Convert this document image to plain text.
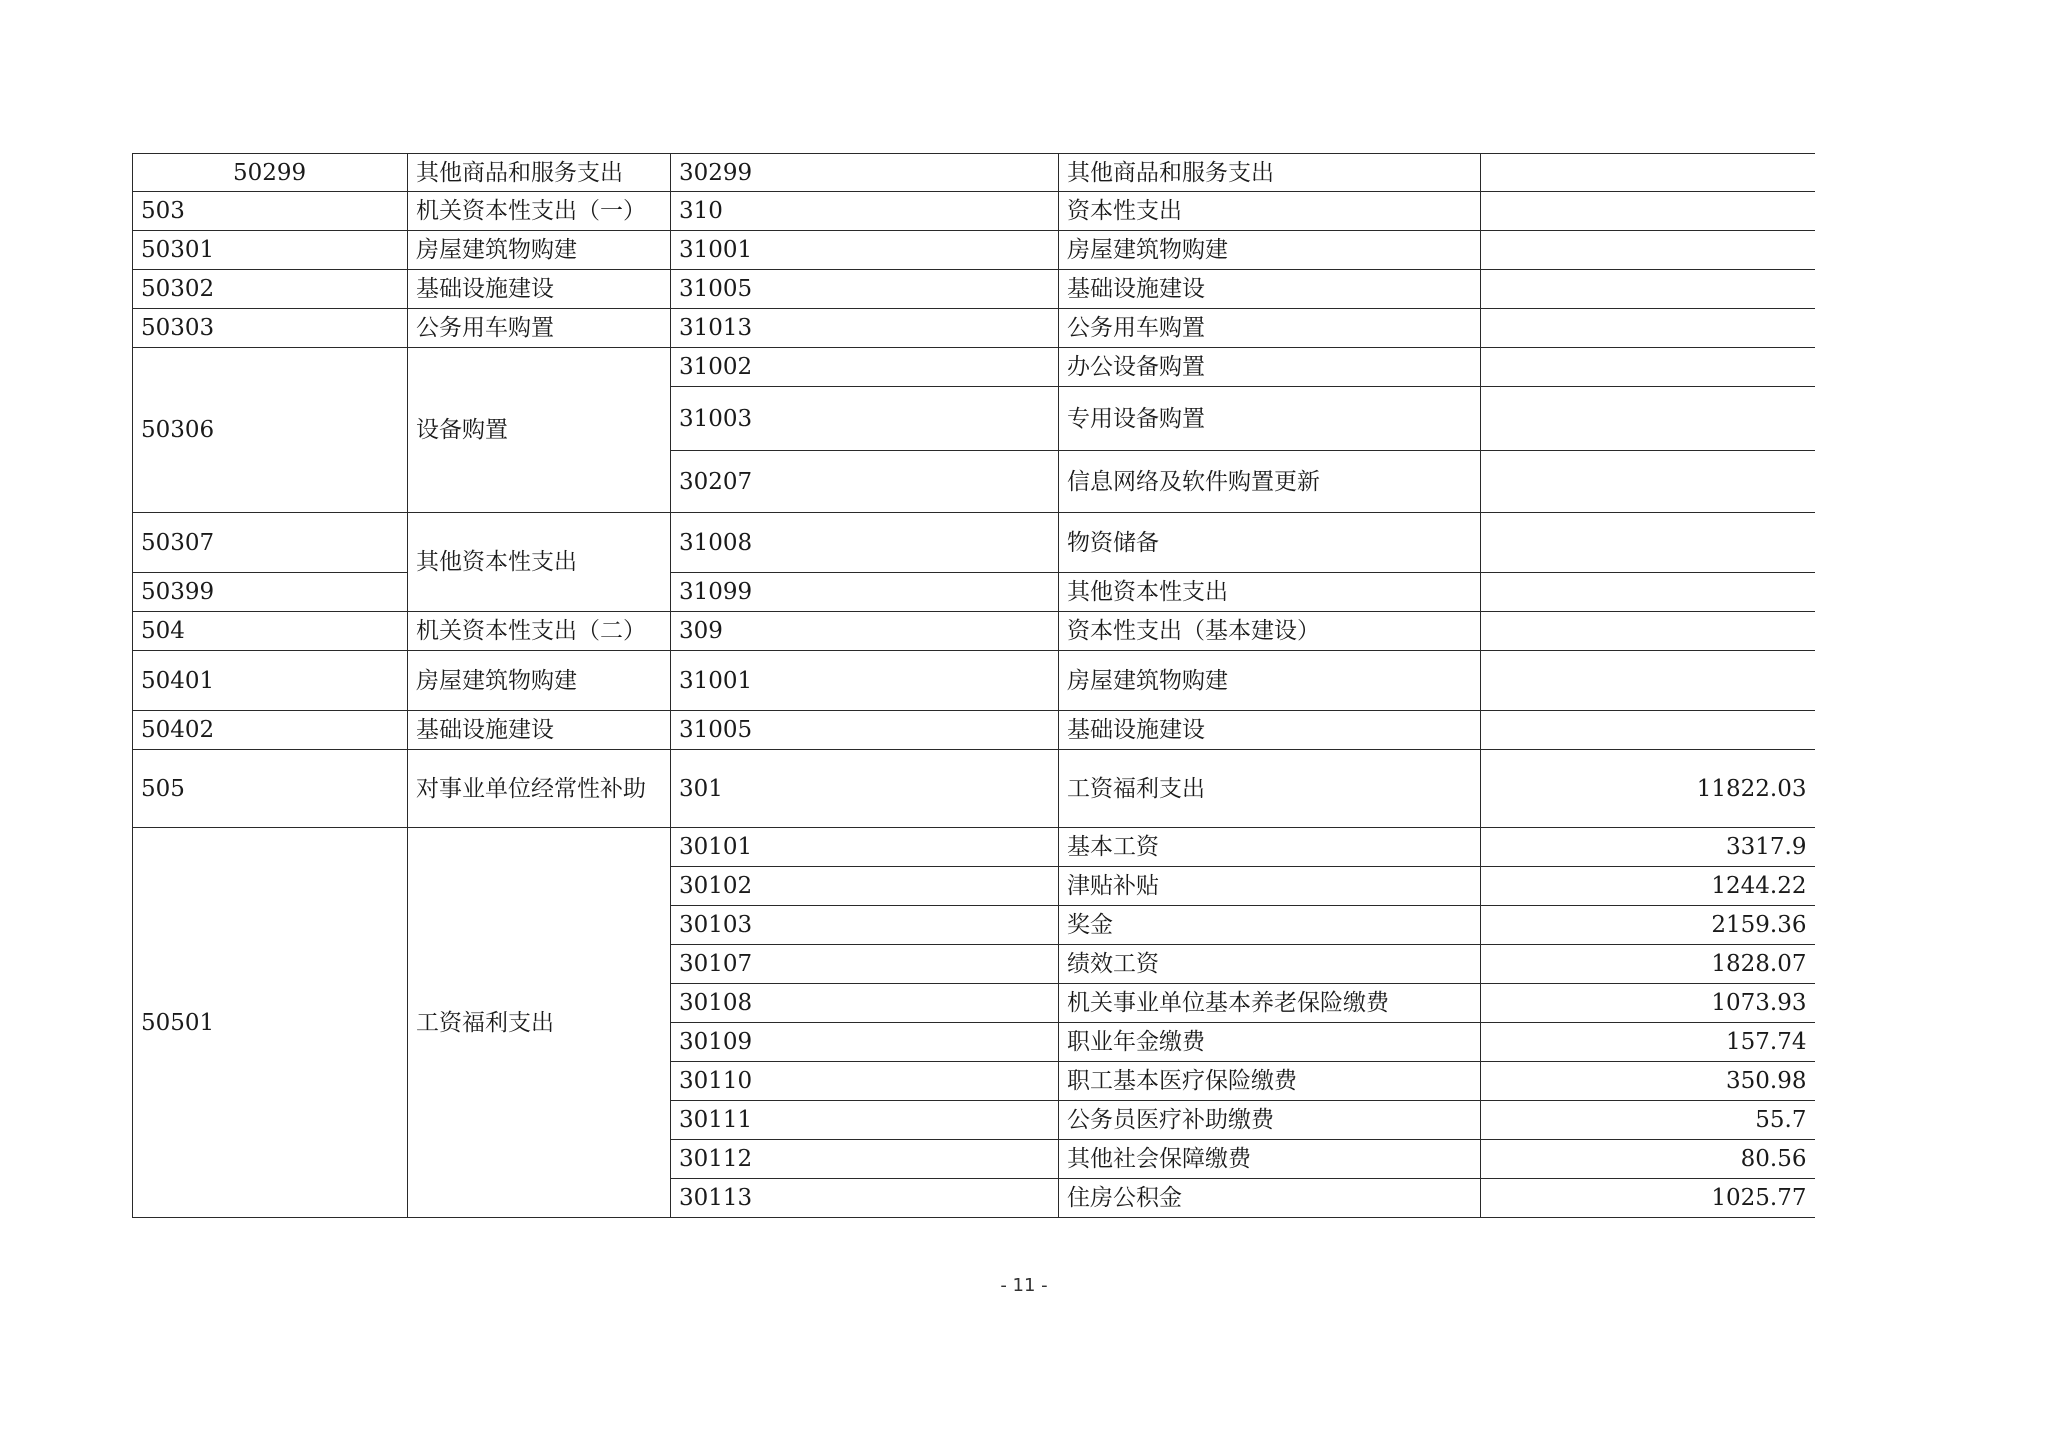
50299	其他商品和服务支出	30299	其他商品和服务支出	
503	机关资本性支出（一）	310	资本性支出	
50301	房屋建筑物购建	31001	房屋建筑物购建	
50302	基础设施建设	31005	基础设施建设	
50303	公务用车购置	31013	公务用车购置	
50306	设备购置	31002	办公设备购置	
		31003	专用设备购置	
		30207	信息网络及软件购置更新	
50307	其他资本性支出	31008	物资储备	
50399		31099	其他资本性支出	
504	机关资本性支出（二）	309	资本性支出（基本建设）	
50401	房屋建筑物购建	31001	房屋建筑物购建	
50402	基础设施建设	31005	基础设施建设	
505	对事业单位经常性补助	301	工资福利支出	11822.03
50501	工资福利支出	30101	基本工资	3317.9
		30102	津贴补贴	1244.22
		30103	奖金	2159.36
		30107	绩效工资	1828.07
		30108	机关事业单位基本养老保险缴费	1073.93
		30109	职业年金缴费	157.74
		30110	职工基本医疗保险缴费	350.98
		30111	公务员医疗补助缴费	55.7
		30112	其他社会保障缴费	80.56
		30113	住房公积金	1025.77
- 11 -
